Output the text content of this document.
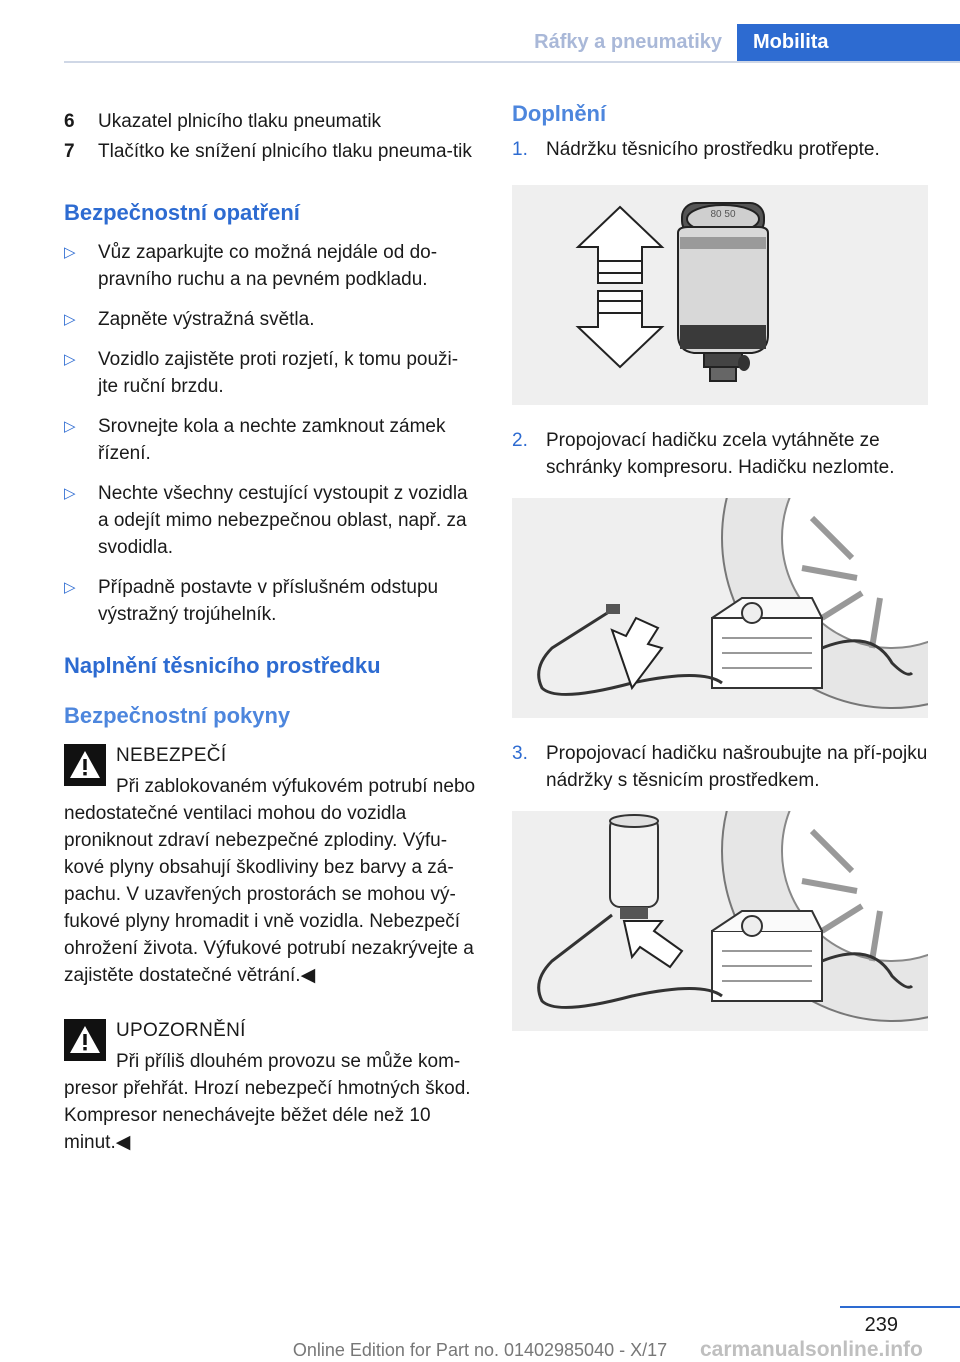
Ráfky a pneumatiky	Mobilita
6	Ukazatel plnicího tlaku pneumatik
7	Tlačítko ke snížení plnicího tlaku pneuma‐tik
Bezpečnostní opatření
▷	Vůz zaparkujte co možná nejdále od do‐pravního ruchu a na pevném podkladu.
▷	Zapněte výstražná světla.
▷	Vozidlo zajistěte proti rozjetí, k tomu použi‐jte ruční brzdu.
▷	Srovnejte kola a nechte zamknout zámek řízení.
▷	Nechte všechny cestující vystoupit z vozidla a odejít mimo nebezpečnou oblast, např. za svodidla.
▷	Případně postavte v příslušném odstupu výstražný trojúhelník.
Naplnění těsnicího prostředku
Bezpečnostní pokyny
NEBEZPEČÍ
Při zablokovaném výfukovém potrubí nebo nedostatečné ventilaci mohou do vozidla proniknout zdraví nebezpečné zplodiny. Výfu‐kové plyny obsahují škodliviny bez barvy a zá‐pachu. V uzavřených prostorách se mohou vý‐fukové plyny hromadit i vně vozidla. Nebezpečí ohrožení života. Výfukové potrubí nezakrývejte a zajistěte dostatečné větrání.◀
UPOZORNĚNÍ
Při příliš dlouhém provozu se může kom‐presor přehřát. Hrozí nebezpečí hmotných škod. Kompresor nenechávejte běžet déle než 10 minut.◀
Doplnění
1. Nádržku těsnicího prostředku protřepte.
80 50
2. Propojovací hadičku zcela vytáhněte ze schránky kompresoru. Hadičku nezlomte.
3. Propojovací hadičku našroubujte na pří‐pojku nádržky s těsnicím prostředkem.
239
Online Edition for Part no. 01402985040 - X/17	carmanualsonline.info
